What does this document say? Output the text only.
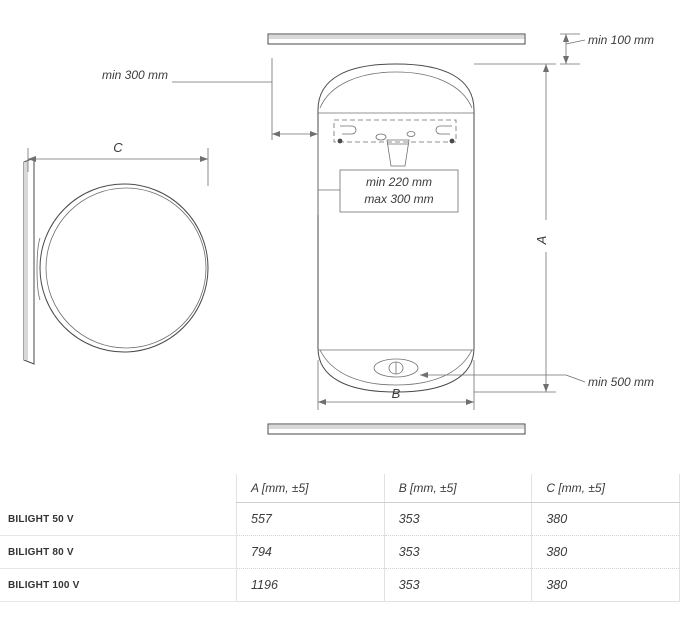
C
A
B
min 100 mm
min 300 mm
min 220 mm
max 300 mm
min 500 mm
	A [mm, ±5]	B [mm, ±5]	C [mm, ±5]
BILIGHT 50 V	557	353	380
BILIGHT 80 V	794	353	380
BILIGHT 100 V	1196	353	380
